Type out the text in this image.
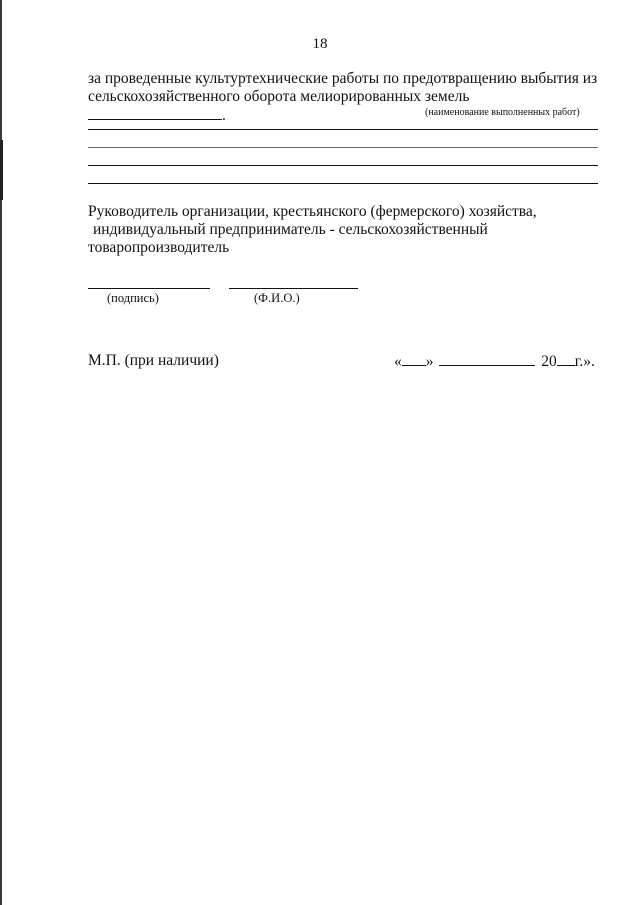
18
за проведенные культуртехнические работы по предотвращению выбытия из
сельскохозяйственного оборота мелиорированных земель.	(наименование выполненных работ)
Руководитель организации, крестьянского (фермерского) хозяйства,
индивидуальный предприниматель - сельскохозяйственный
товаропроизводитель
(подпись)	(Ф.И.О.)
М.П. (при наличии)	« »	20 г.».
